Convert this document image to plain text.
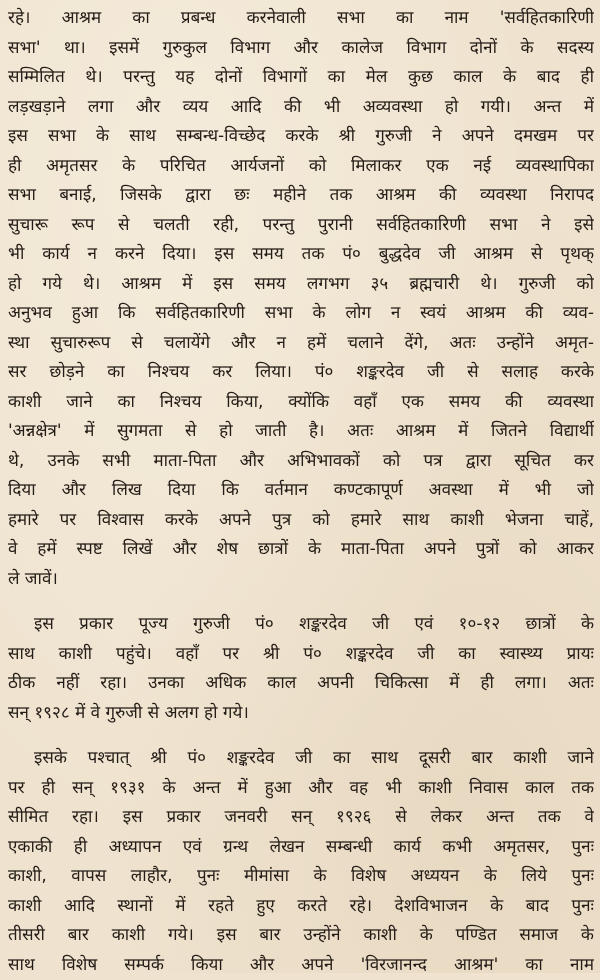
रहे। आश्रम का प्रबन्ध करनेवाली सभा का नाम 'सर्वहितकारिणी
सभा' था। इसमें गुरुकुल विभाग और कालेज विभाग दोनों के सदस्य
सम्मिलित थे। परन्तु यह दोनों विभागों का मेल कुछ काल के बाद ही
लड़खड़ाने लगा और व्यय आदि की भी अव्यवस्था हो गयी। अन्त में
इस सभा के साथ सम्बन्ध-विच्छेद करके श्री गुरुजी ने अपने दमखम पर
ही अमृतसर के परिचित आर्यजनों को मिलाकर एक नई व्यवस्थापिका
सभा बनाई, जिसके द्वारा छः महीने तक आश्रम की व्यवस्था निरापद
सुचारू रूप से चलती रही, परन्तु पुरानी सर्वहितकारिणी सभा ने इसे
भी कार्य न करने दिया। इस समय तक पं० बुद्धदेव जी आश्रम से पृथक्
हो गये थे। आश्रम में इस समय लगभग ३५ ब्रह्मचारी थे। गुरुजी को
अनुभव हुआ कि सर्वहितकारिणी सभा के लोग न स्वयं आश्रम की व्यव-
स्था सुचारुरूप से चलायेंगे और न हमें चलाने देंगे, अतः उन्होंने अमृत-
सर छोड़ने का निश्चय कर लिया। पं० शङ्करदेव जी से सलाह करके
काशी जाने का निश्चय किया, क्योंकि वहाँ एक समय की व्यवस्था
'अन्नक्षेत्र' में सुगमता से हो जाती है। अतः आश्रम में जितने विद्यार्थी
थे, उनके सभी माता-पिता और अभिभावकों को पत्र द्वारा सूचित कर
दिया और लिख दिया कि वर्तमान कण्टकापूर्ण अवस्था में भी जो
हमारे पर विश्वास करके अपने पुत्र को हमारे साथ काशी भेजना चाहें,
वे हमें स्पष्ट लिखें और शेष छात्रों के माता-पिता अपने पुत्रों को आकर
ले जावें।
इस प्रकार पूज्य गुरुजी पं० शङ्करदेव जी एवं १०-१२ छात्रों के
साथ काशी पहुंचे। वहाँ पर श्री पं० शङ्करदेव जी का स्वास्थ्य प्रायः
ठीक नहीं रहा। उनका अधिक काल अपनी चिकित्सा में ही लगा। अतः
सन् १९२८ में वे गुरुजी से अलग हो गये।
इसके पश्चात् श्री पं० शङ्करदेव जी का साथ दूसरी बार काशी जाने
पर ही सन् १९३१ के अन्त में हुआ और वह भी काशी निवास काल तक
सीमित रहा। इस प्रकार जनवरी सन् १९२६ से लेकर अन्त तक वे
एकाकी ही अध्यापन एवं ग्रन्थ लेखन सम्बन्धी कार्य कभी अमृतसर, पुनः
काशी, वापस लाहौर, पुनः मीमांसा के विशेष अध्ययन के लिये पुनः
काशी आदि स्थानों में रहते हुए करते रहे। देशविभाजन के बाद पुनः
तीसरी बार काशी गये। इस बार उन्होंने काशी के पण्डित समाज के
साथ विशेष सम्पर्क किया और अपने 'विरजानन्द आश्रम' का नाम
